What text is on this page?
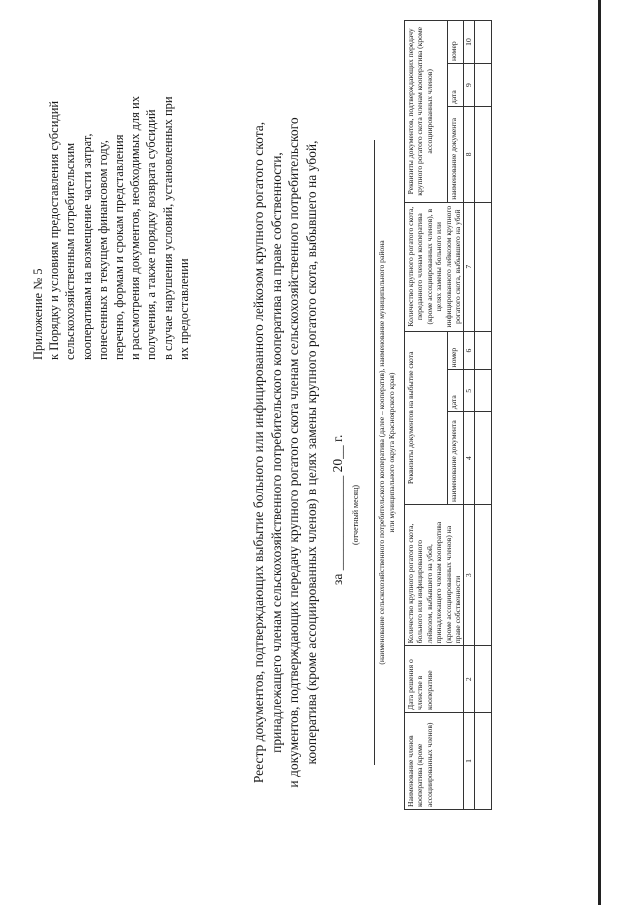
Приложение № 5 к Порядку и условиям предоставления субсидий сельскохозяйственным потребительским кооперативам на возмещение части затрат, понесенных в текущем финансовом году, перечню, формам и срокам представления и рассмотрения документов, необходимых для их получения, а также порядку возврата субсидий в случае нарушения условий, установленных при их предоставлении	Реестр документов, подтверждающих выбытие больного или инфицированного лейкозом крупного рогатого скота, принадлежащего членам сельскохозяйственного потребительского кооператива на праве собственности, и документов, подтверждающих передачу крупного рогатого скота членам сельскохозяйственного потребительского кооператива (кроме ассоциированных членов) в целях замены крупного рогатого скота, выбывшего на убой, за ______________ 20__ г. (отчетный месяц) (наименование сельскохозяйственного потребительского кооператива (далее – кооператив), наименование муниципального района или муниципального округа Красноярского края)
Наименование членов кооператива (кроме ассоциированных членов)	Дата решения о членстве в кооперативе	Количество крупного рогатого скота, больного или инфицированного лейкозом, выбывшего на убой, принадлежащего членам кооператива (кроме ассоциированных членов) на праве собственности	Реквизиты документов на выбытие скота			Количество крупного рогатого скота, переданного членам кооператива (кроме ассоциированных членов), в целях замены больного или инфицированного лейкозом крупного рогатого скота, выбывшего на убой	Реквизиты документов, подтверждающих передачу крупного рогатого скота членам кооператива (кроме ассоциированных членов)		
			наименование документа	дата	номер		наименование документа	дата	номер
1	2	3	4	5	6	7	8	9	10
